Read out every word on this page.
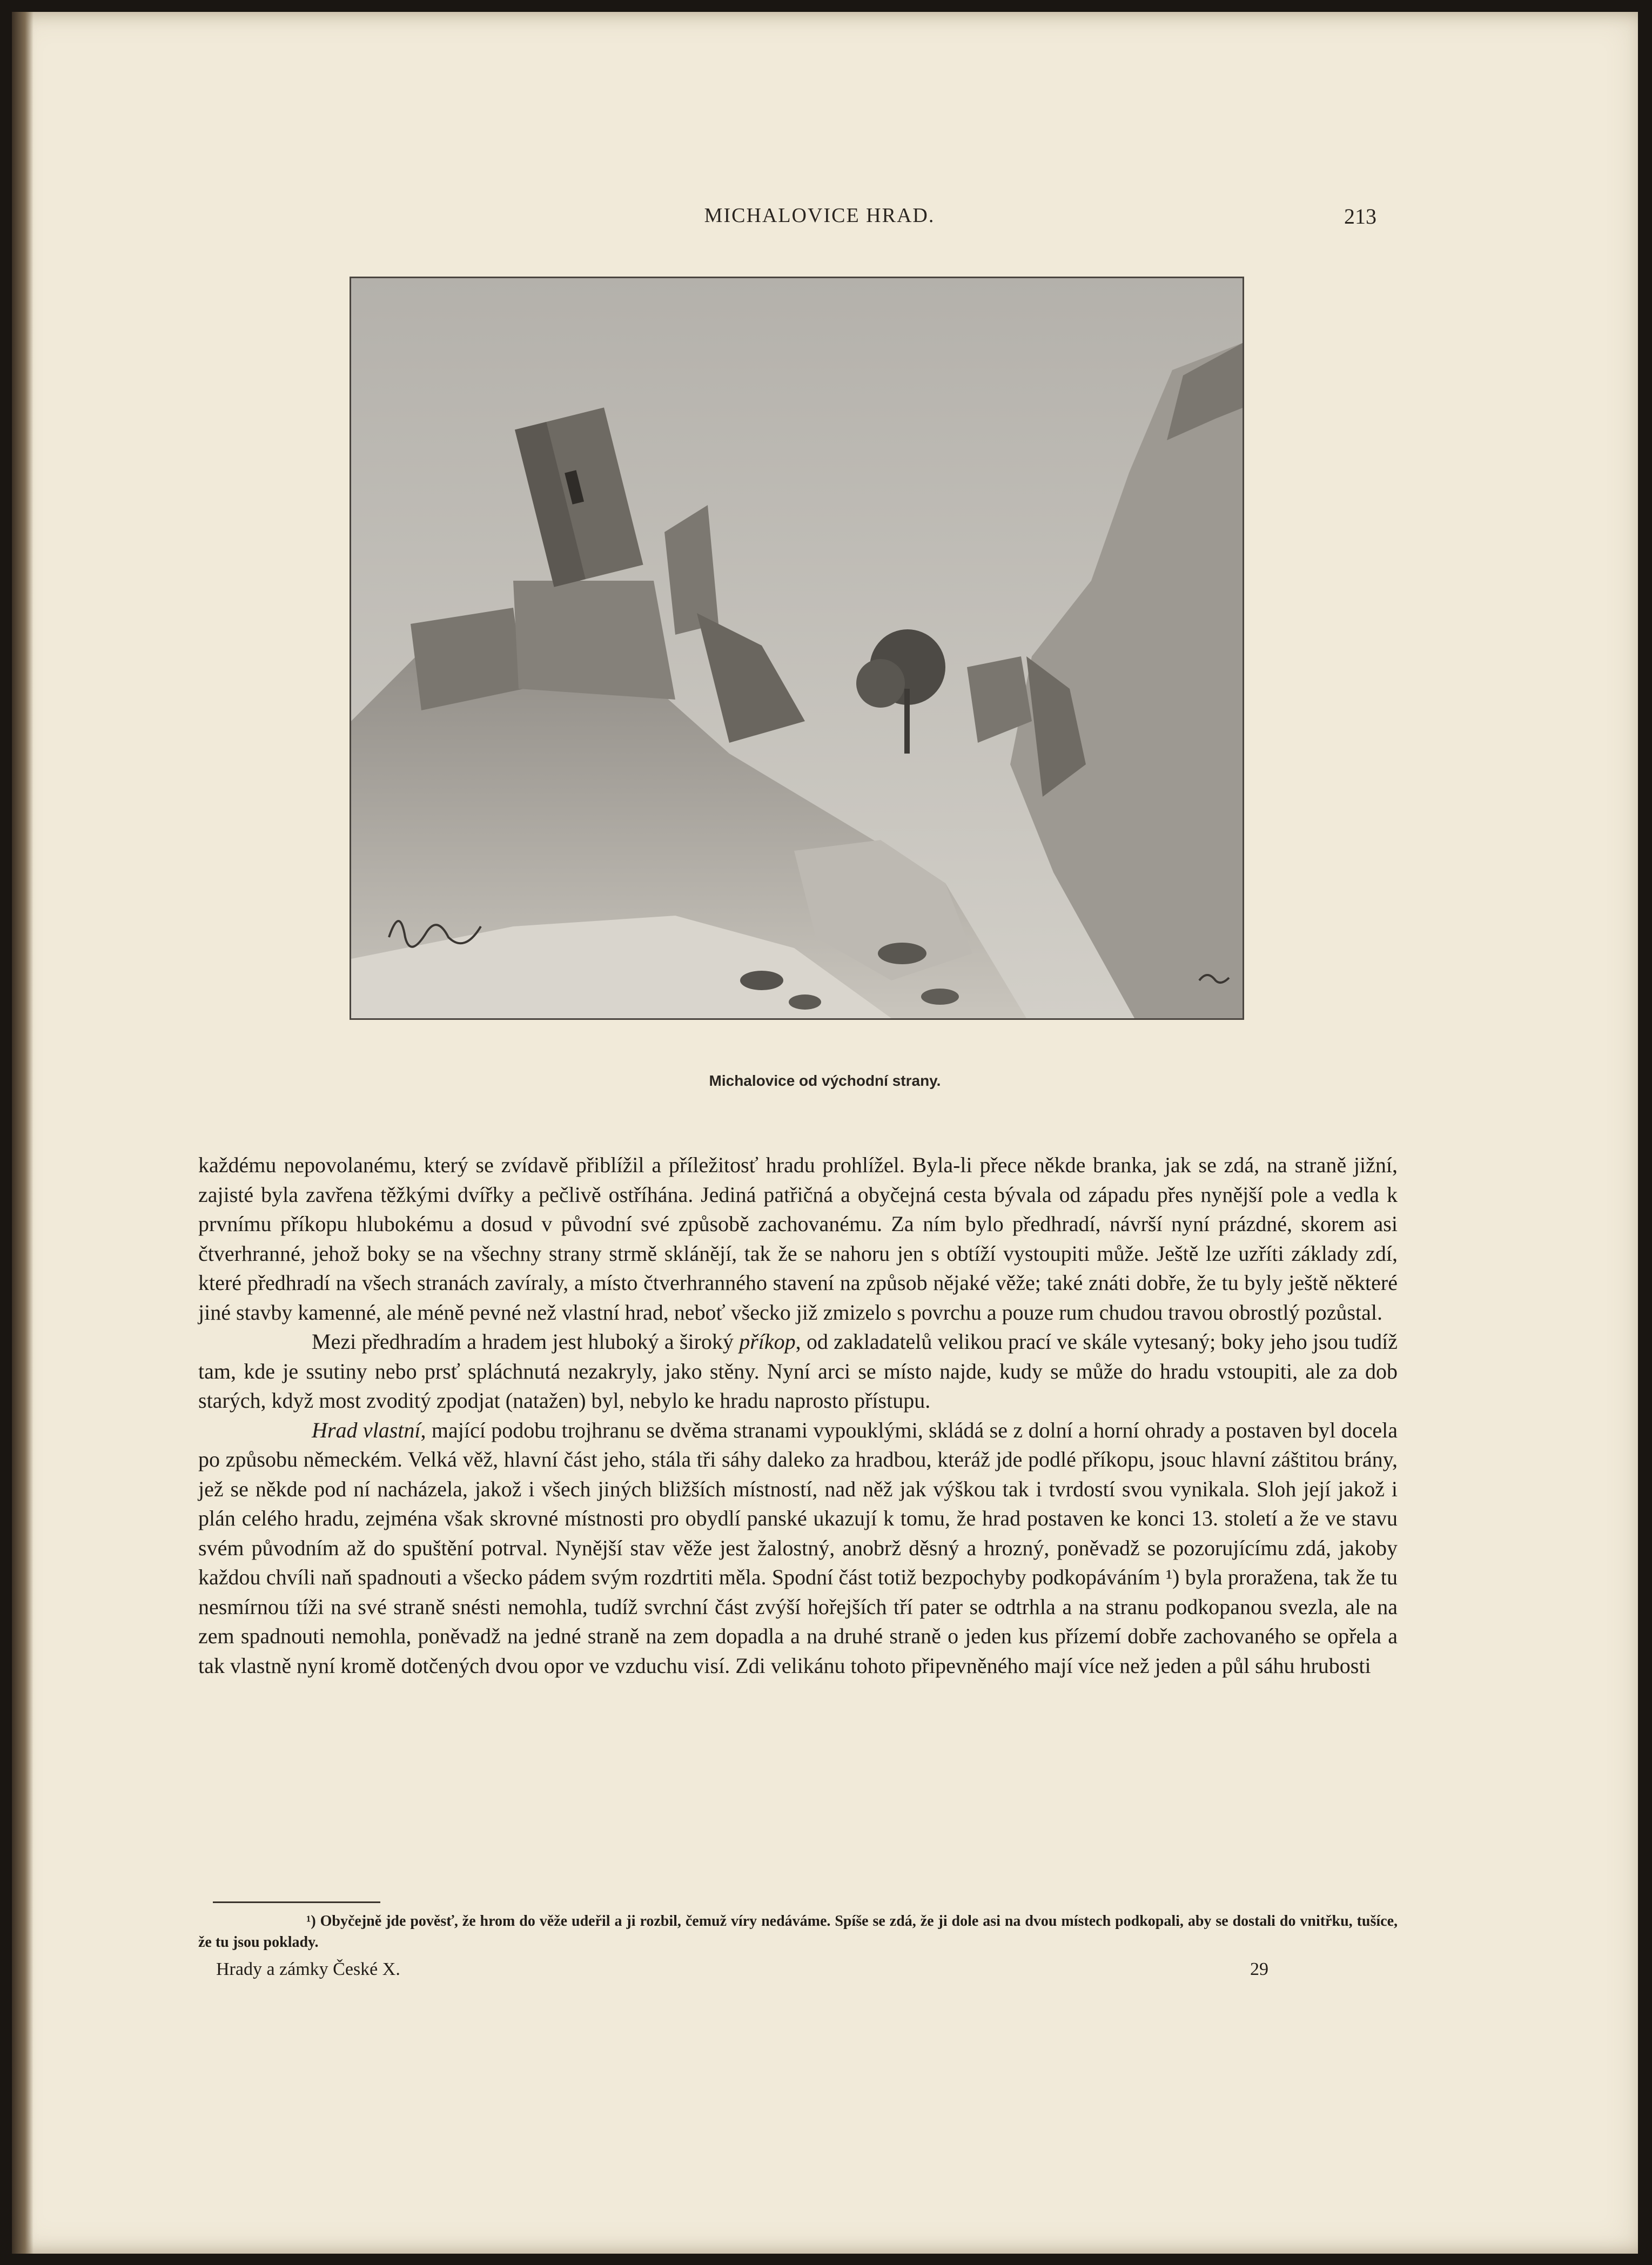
MICHALOVICE HRAD.	213
Michalovice od východní strany.

každému nepovolanému, který se zvídavě přiblížil a příležitosť hradu prohlížel. Byla-li přece někde branka, jak se zdá, na straně jižní, zajisté byla zavřena těžkými dvířky a pečlivě ostříhána. Jediná patřičná a obyčejná cesta bývala od západu přes nynější pole a vedla k prvnímu příkopu hlubokému a dosud v původní své způsobě zachovanému. Za ním bylo předhradí, návrší nyní prázdné, skorem asi čtverhranné, jehož boky se na všechny strany strmě sklánějí, tak že se nahoru jen s obtíží vystoupiti může. Ještě lze uzříti základy zdí, které předhradí na všech stranách zavíraly, a místo čtverhranného stavení na způsob nějaké věže; také znáti dobře, že tu byly ještě některé jiné stavby kamenné, ale méně pevné než vlastní hrad, neboť všecko již zmizelo s povrchu a pouze rum chudou travou obrostlý pozůstal.

Mezi předhradím a hradem jest hluboký a široký příkop, od zakladatelů velikou prací ve skále vytesaný; boky jeho jsou tudíž tam, kde je ssutiny nebo prsť spláchnutá nezakryly, jako stěny. Nyní arci se místo najde, kudy se může do hradu vstoupiti, ale za dob starých, když most zvoditý zpodjat (natažen) byl, nebylo ke hradu naprosto přístupu.

Hrad vlastní, mající podobu trojhranu se dvěma stranami vypouklými, skládá se z dolní a horní ohrady a postaven byl docela po způsobu německém. Velká věž, hlavní část jeho, stála tři sáhy daleko za hradbou, kteráž jde podlé příkopu, jsouc hlavní záštitou brány, jež se někde pod ní nacházela, jakož i všech jiných bližších místností, nad něž jak výškou tak i tvrdostí svou vynikala. Sloh její jakož i plán celého hradu, zejména však skrovné místnosti pro obydlí panské ukazují k tomu, že hrad postaven ke konci 13. století a že ve stavu svém původním až do spuštění potrval. Nynější stav věže jest žalostný, anobrž děsný a hrozný, poněvadž se pozorujícímu zdá, jakoby každou chvíli naň spadnouti a všecko pádem svým rozdrtiti měla. Spodní část totiž bezpochyby podkopáváním ¹) byla proražena, tak že tu nesmírnou tíži na své straně snésti nemohla, tudíž svrchní část zvýší hořejších tří pater se odtrhla a na stranu podkopanou svezla, ale na zem spadnouti nemohla, poněvadž na jedné straně na zem dopadla a na druhé straně o jeden kus přízemí dobře zachovaného se opřela a tak vlastně nyní kromě dotčených dvou opor ve vzduchu visí. Zdi velikánu tohoto připevněného mají více než jeden a půl sáhu hrubosti

¹) Obyčejně jde pověsť, že hrom do věže udeřil a ji rozbil, čemuž víry nedáváme. Spíše se zdá, že ji dole asi na dvou místech podkopali, aby se dostali do vnitřku, tušíce, že tu jsou poklady.
Hrady a zámky České X.	29
